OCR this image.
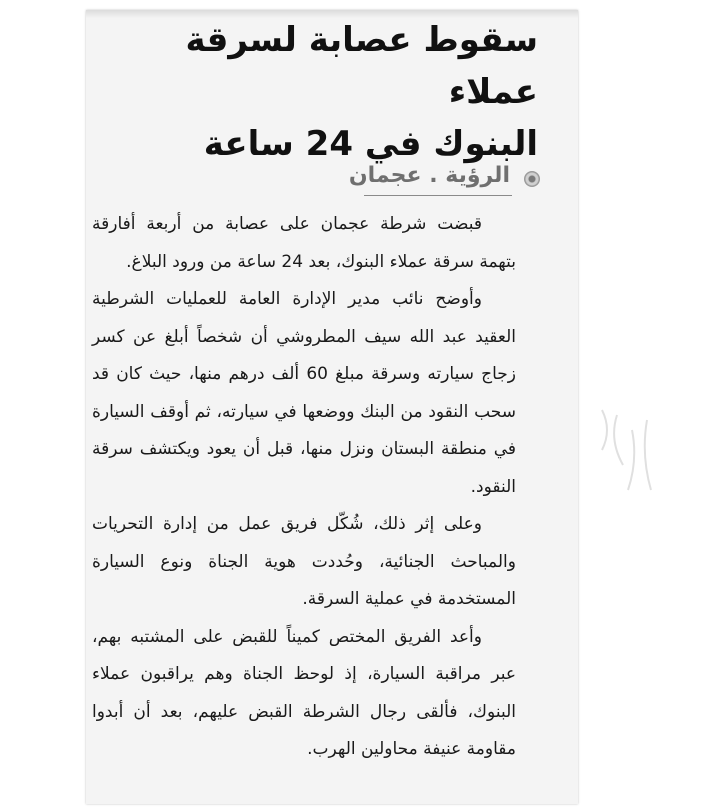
سقوط عصابة لسرقة عملاء
البنوك في 24 ساعة
الرؤية . عجمان

قبضت شرطة عجمان على عصابة من أربعة أفارقة بتهمة سرقة عملاء البنوك، بعد 24 ساعة من ورود البلاغ.

وأوضح نائب مدير الإدارة العامة للعمليات الشرطية العقيد عبد الله سيف المطروشي أن شخصاً أبلغ عن كسر زجاج سيارته وسرقة مبلغ 60 ألف درهم منها، حيث كان قد سحب النقود من البنك ووضعها في سيارته، ثم أوقف السيارة في منطقة البستان ونزل منها، قبل أن يعود ويكتشف سرقة النقود.

وعلى إثر ذلك، شُكّل فريق عمل من إدارة التحريات والمباحث الجنائية، وحُددت هوية الجناة ونوع السيارة المستخدمة في عملية السرقة.

وأعد الفريق المختص كميناً للقبض على المشتبه بهم، عبر مراقبة السيارة، إذ لوحظ الجناة وهم يراقبون عملاء البنوك، فألقى رجال الشرطة القبض عليهم، بعد أن أبدوا مقاومة عنيفة محاولين الهرب.
